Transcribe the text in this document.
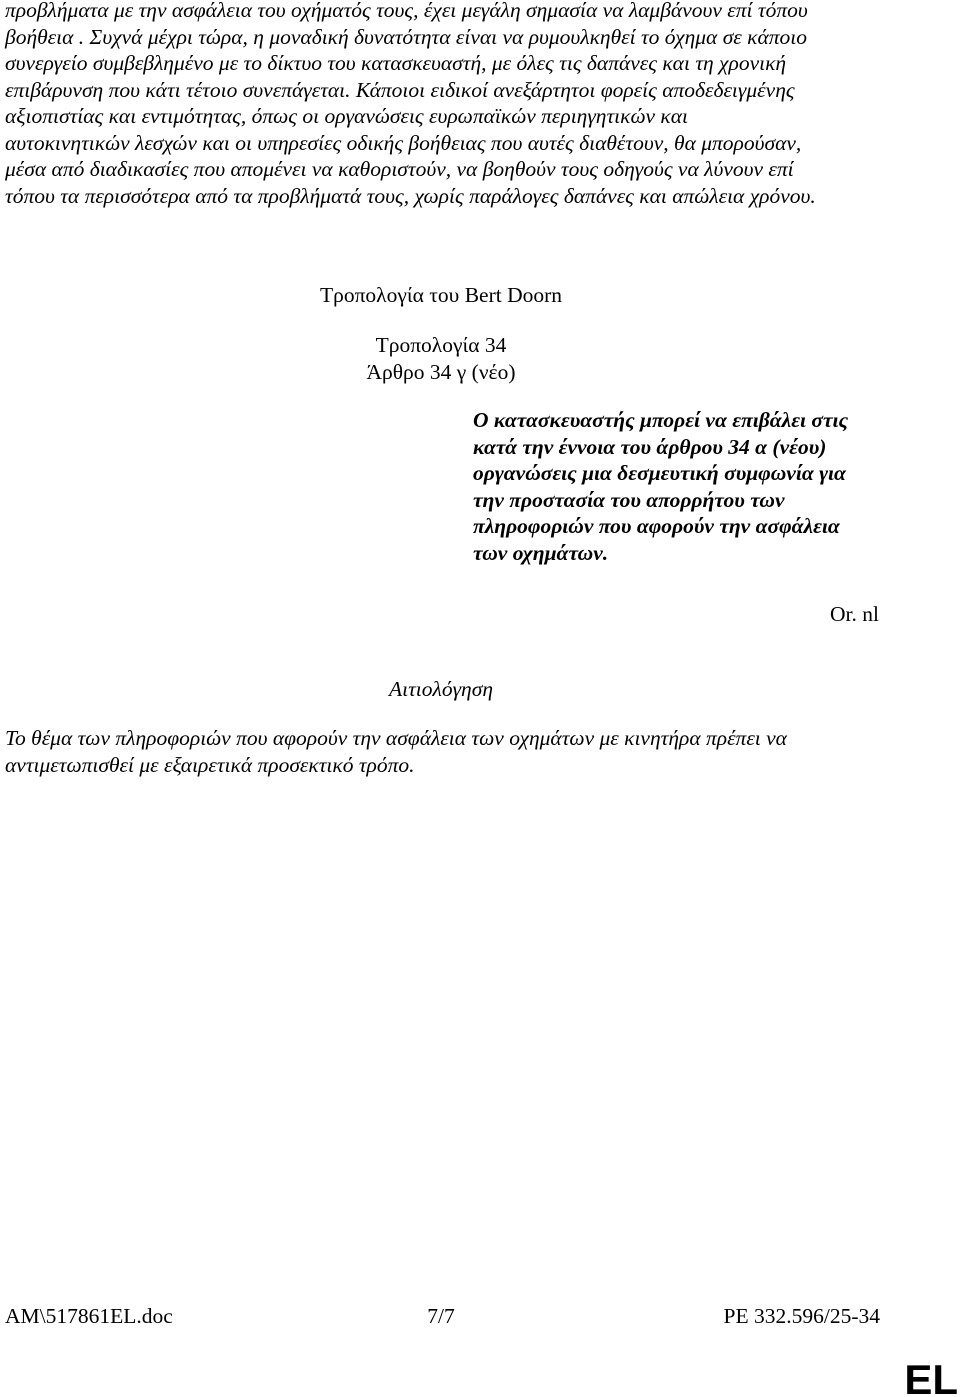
προβλήματα με την ασφάλεια του οχήματός τους, έχει μεγάλη σημασία να λαμβάνουν επί τόπου
βοήθεια . Συχνά μέχρι τώρα, η μοναδική δυνατότητα είναι να ρυμουλκηθεί το όχημα σε κάποιο
συνεργείο συμβεβλημένο με το δίκτυο του κατασκευαστή, με όλες τις δαπάνες και τη χρονική
επιβάρυνση που κάτι τέτοιο συνεπάγεται. Κάποιοι ειδικοί ανεξάρτητοι φορείς αποδεδειγμένης
αξιοπιστίας και εντιμότητας, όπως οι οργανώσεις ευρωπαϊκών περιηγητικών και
αυτοκινητικών λεσχών και οι υπηρεσίες οδικής βοήθειας που αυτές διαθέτουν, θα μπορούσαν,
μέσα από διαδικασίες που απομένει να καθοριστούν, να βοηθούν τους οδηγούς να λύνουν επί
τόπου τα περισσότερα από τα προβλήματά τους, χωρίς παράλογες δαπάνες και απώλεια χρόνου.
Τροπολογία του Bert Doorn
Τροπολογία 34
Άρθρο 34 γ (νέο)
Ο κατασκευαστής μπορεί να επιβάλει στις
κατά την έννοια του άρθρου 34 α (νέου)
οργανώσεις μια δεσμευτική συμφωνία για
την προστασία του απορρήτου των
πληροφοριών που αφορούν την ασφάλεια
των οχημάτων.
Or. nl
Αιτιολόγηση
Το θέμα των πληροφοριών που αφορούν την ασφάλεια των οχημάτων με κινητήρα πρέπει να
αντιμετωπισθεί με εξαιρετικά προσεκτικό τρόπο.
AM\517861EL.doc	7/7	PE 332.596/25-34
EL
